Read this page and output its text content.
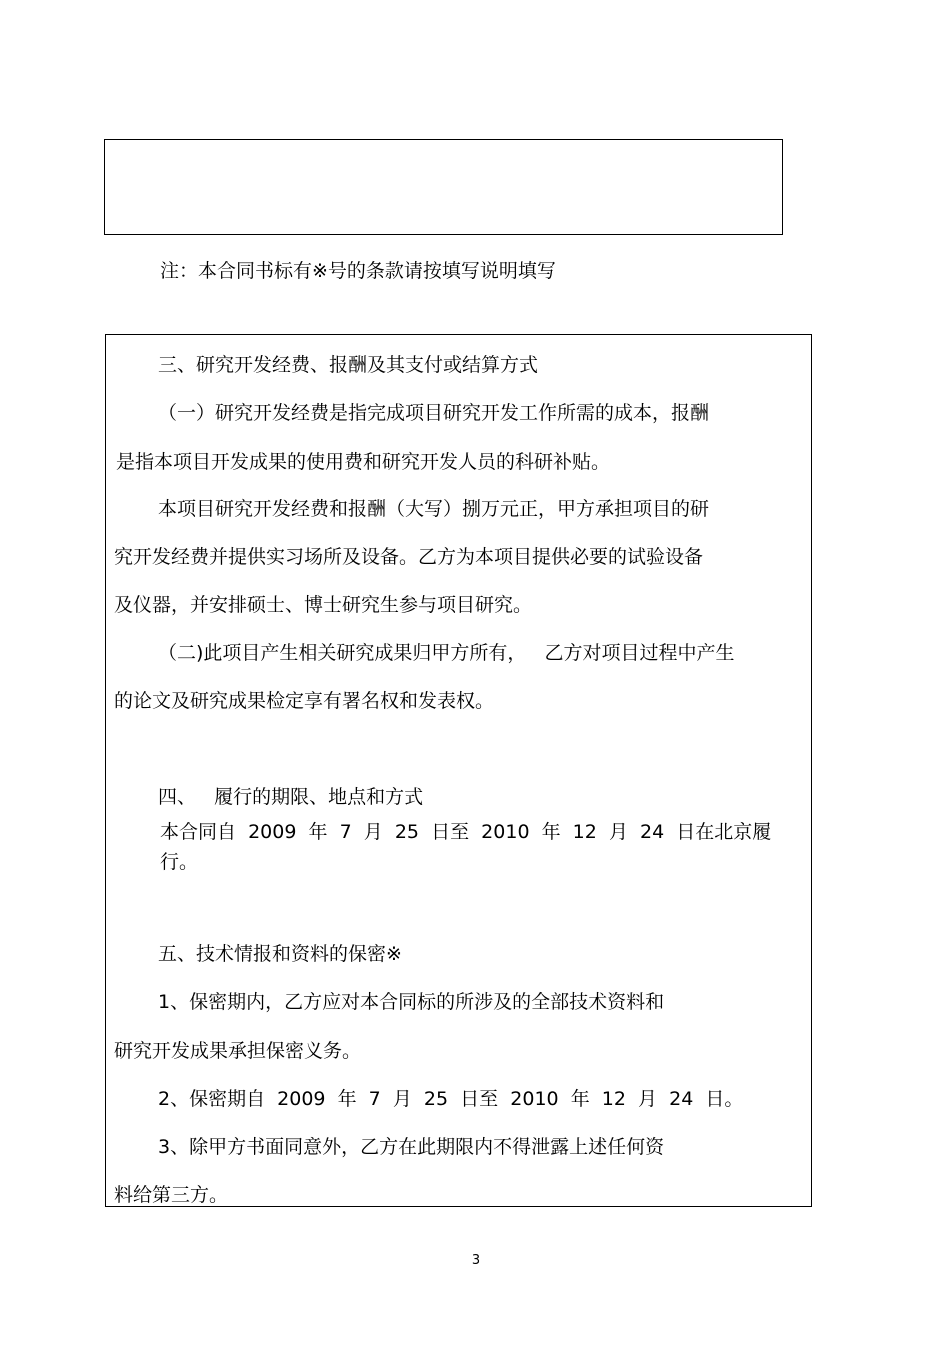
注：本合同书标有※号的条款请按填写说明填写
三、研究开发经费、报酬及其支付或结算方式
（一）研究开发经费是指完成项目研究开发工作所需的成本，报酬
是指本项目开发成果的使用费和研究开发人员的科研补贴。
本项目研究开发经费和报酬（大写）捌万元正，甲方承担项目的研
究开发经费并提供实习场所及设备。乙方为本项目提供必要的试验设备
及仪器，并安排硕士、博士研究生参与项目研究。
（二)此项目产生相关研究成果归甲方所有，   乙方对项目过程中产生
的论文及研究成果检定享有署名权和发表权。
四、   履行的期限、地点和方式
本合同自  2009  年  7  月  25  日至  2010  年  12  月  24  日在北京履
行。
五、技术情报和资料的保密※
1、保密期内，乙方应对本合同标的所涉及的全部技术资料和
研究开发成果承担保密义务。
2、保密期自  2009  年  7  月  25  日至  2010  年  12  月  24  日。
3、除甲方书面同意外，乙方在此期限内不得泄露上述任何资
料给第三方。
3
